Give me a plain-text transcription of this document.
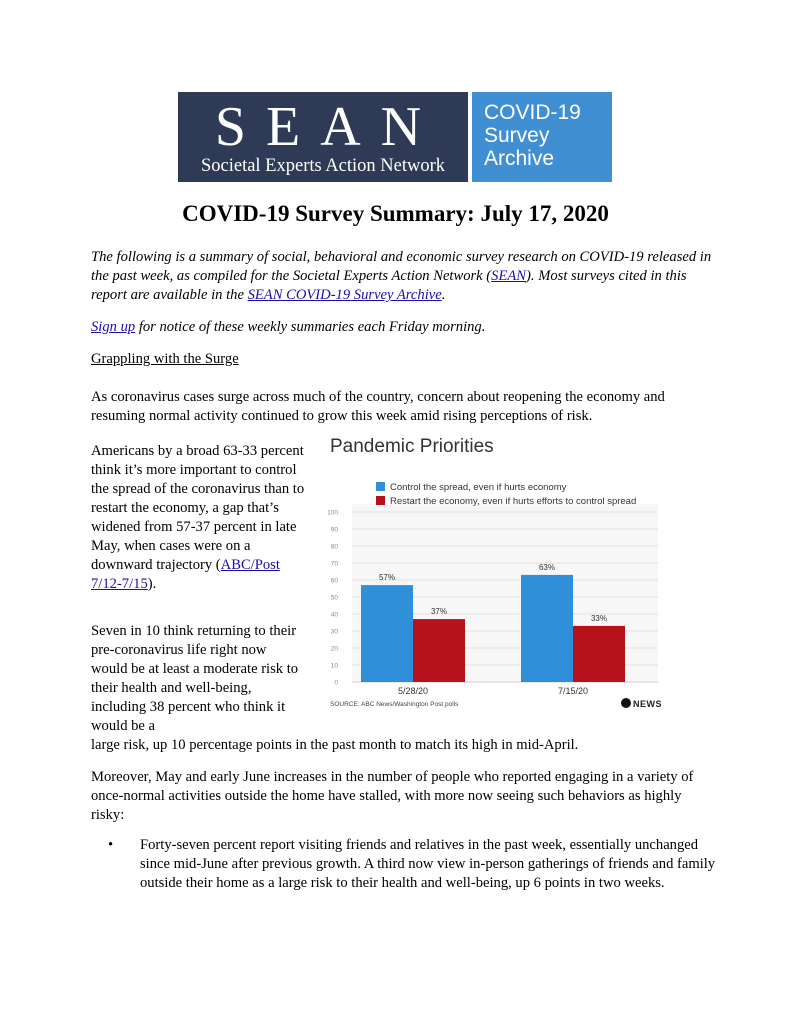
SEAN
Societal Experts Action Network
COVID-19
Survey
Archive
COVID-19 Survey Summary: July 17, 2020
The following is a summary of social, behavioral and economic survey research on COVID-19 released in the past week, as compiled for the Societal Experts Action Network (SEAN). Most surveys cited in this report are available in the SEAN COVID-19 Survey Archive.
Sign up for notice of these weekly summaries each Friday morning.
Grappling with the Surge
As coronavirus cases surge across much of the country, concern about reopening the economy and resuming normal activity continued to grow this week amid rising perceptions of risk.
Americans by a broad 63-33 percent think it’s more important to control the spread of the coronavirus than to restart the economy, a gap that’s widened from 57-37 percent in late May, when cases were on a downward trajectory (ABC/Post 7/12-7/15).
Seven in 10 think returning to their pre-coronavirus life right now would be at least a moderate risk to their health and well-being, including 38 percent who think it would be a
large risk, up 10 percentage points in the past month to match its high in mid-April.
Moreover, May and early June increases in the number of people who reported engaging in a variety of once-normal activities outside the home have stalled, with more now seeing such behaviors as highly risky:
• Forty-seven percent report visiting friends and relatives in the past week, essentially unchanged since mid-June after previous growth. A third now view in-person gatherings of friends and family outside their home as a large risk to their health and well-being, up 6 points in two weeks.
0
10
20
30
40
50
60
70
80
90
100
57%
37%
5/28/20
63%
33%
7/15/20
Pandemic Priorities
Control the spread, even if hurts economy
Restart the economy, even if hurts efforts to control spread
SOURCE: ABC News/Washington Post polls	NEWS
